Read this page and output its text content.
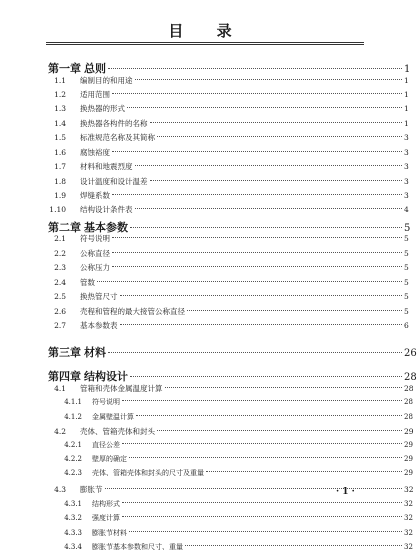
目 录
第一章 总则	1
1.1	编制目的和用途	1
1.2	适用范围	1
1.3	换热器的形式	1
1.4	换热器各构件的名称	1
1.5	标准规范名称及其简称	3
1.6	腐蚀裕度	3
1.7	材料和地震烈度	3
1.8	设计温度和设计温差	3
1.9	焊缝系数	3
1.10	结构设计条件表	4
第二章 基本参数	5
2.1	符号说明	5
2.2	公称直径	5
2.3	公称压力	5
2.4	管数	5
2.5	换热管尺寸	5
2.6	壳程和管程的最大接管公称直径	5
2.7	基本参数表	6
第三章 材料	26
第四章 结构设计	28
4.1	管箱和壳体金属温度计算	28
4.1.1	符号说明	28
4.1.2	金属壁温计算	28
4.2	壳体、管箱壳体和封头	29
4.2.1	直径公差	29
4.2.2	壁厚的确定	29
4.2.3	壳体、管箱壳体和封头的尺寸及重量	29
4.3	膨胀节	32
4.3.1	结构形式	32
4.3.2	强度计算	32
4.3.3	膨胀节材料	32
4.3.4	膨胀节基本参数和尺寸、重量	32
· 1 ·
